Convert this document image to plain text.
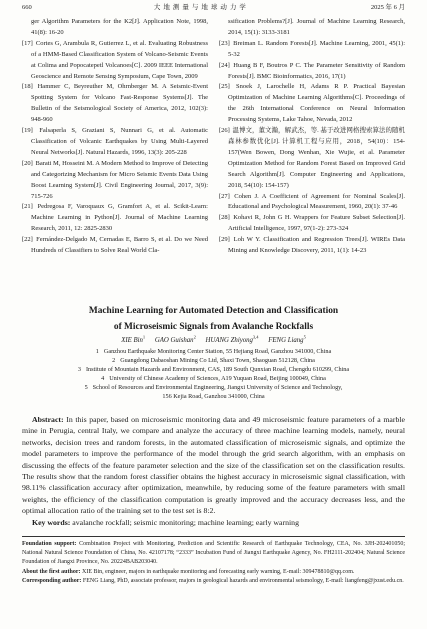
660	大地测量与地球动力学	2025 年 6 月

ger Algorithm Parameters for the K2[J]. Application Note, 1998, 41(8): 16-20

[17] Cortes G, Arambula R, Gutierrez L, et al. Evaluating Robustness of a HMM-Based Classification System of Volcano-Seismic Events at Colima and Popocatepetl Volcanoes[C]. 2009 IEEE International Geoscience and Remote Sensing Symposium, Cape Town, 2009

[18] Hammer C, Beyreuther M, Ohrnberger M. A Seismic-Event Spotting System for Volcano Fast-Response Systems[J]. The Bulletin of the Seismological Society of America, 2012, 102(3): 948-960

[19] Falsaperla S, Graziani S, Nunnari G, et al. Automatic Classification of Volcanic Earthquakes by Using Multi-Layered Neural Networks[J]. Natural Hazards, 1996, 13(3): 205-228

[20] Barati M, Hosseini M. A Modern Method to Improve of Detecting and Categorizing Mechanism for Micro Seismic Events Data Using Boost Learning System[J]. Civil Engineering Journal, 2017, 3(9): 715-726

[21] Pedregosa F, Varoquaux G, Gramfort A, et al. Scikit-Learn: Machine Learning in Python[J]. Journal of Machine Learning Research, 2011, 12: 2825-2830

[22] Fernández-Delgado M, Cernadas E, Barro S, et al. Do we Need Hundreds of Classifiers to Solve Real World Cla-

ssification Problems?[J]. Journal of Machine Learning Research, 2014, 15(1): 3133-3181

[23] Breiman L. Random Forests[J]. Machine Learning, 2001, 45(1): 5-32

[24] Huang B F, Boutros P C. The Parameter Sensitivity of Random Forests[J]. BMC Bioinformatics, 2016, 17(1)

[25] Snoek J, Larochelle H, Adams R P. Practical Bayesian Optimization of Machine Learning Algorithms[C]. Proceedings of the 26th International Conference on Neural Information Processing Systems, Lake Tahoe, Nevada, 2012

[26] 温博文，董文瀚，解武杰，等. 基于改进网格搜索算法的随机森林参数优化[J]. 计算机工程与应用，2018，54(10)：154-157(Wen Bowen, Dong Wenhan, Xie Wujie, et al. Parameter Optimization Method for Random Forest Based on Improved Grid Search Algorithm[J]. Computer Engineering and Applications, 2018, 54(10): 154-157)

[27] Cohen J. A Coefficient of Agreement for Nominal Scales[J]. Educational and Psychological Measurement, 1960, 20(1): 37-46

[28] Kohavi R, John G H. Wrappers for Feature Subset Selection[J]. Artificial Intelligence, 1997, 97(1-2): 273-324

[29] Loh W Y. Classification and Regression Trees[J]. WIREs Data Mining and Knowledge Discovery, 2011, 1(1): 14-23

Machine Learning for Automated Detection and Classification
of Microseismic Signals from Avalanche Rockfalls
XIE Bin$^1$ GAO Guishan$^2$ HUANG Zhiyong$^{3,4}$ FENG Liang$^5$
1 Ganzhou Earthquake Monitoring Center Station, 55 Hejiang Road, Ganzhou 341000, China
2 Guangdong Dabaoshan Mining Co Ltd, Shaxi Town, Shaoguan 512128, China
3 Institute of Mountain Hazards and Environment, CAS, 189 South Qunxian Road, Chengdu 610299, China
4 University of Chinese Academy of Sciences, A19 Yuquan Road, Beijing 100049, China
5 School of Resources and Environmental Engineering, Jiangxi University of Science and Technology,
156 Kejia Road, Ganzhou 341000, China

Abstract: In this paper, based on microseismic monitoring data and 49 microseismic feature parameters of a marble mine in Perugia, central Italy, we compare and analyze the accuracy of three machine learning models, namely, neural networks, decision trees and random forests, in the automated classification of microseismic signals, and optimize the model parameters to improve the performance of the model through the grid search algorithm, with an emphasis on discussing the effects of the feature parameter selection and the size of the classification set on the classification results. The results show that the random forest classifier obtains the highest accuracy in microseismic signal classification, with 98.11% classification accuracy after optimization, meanwhile, by reducing some of the feature parameters with small weights, the efficiency of the classification computation is greatly improved and the accuracy decreases less, and the optimal allocation ratio of the training set to the test set is 8:2.

Key words: avalanche rockfall; seismic monitoring; machine learning; early warning

Foundation support: Combination Project with Monitoring, Prediction and Scientific Research of Earthquake Technology, CEA, No. 3JH-202401050; National Natural Science Foundation of China, No. 42107178; “2333” Incubation Fund of Jiangxi Earthquake Agency, No. FH2111-202404; Natural Science Foundation of Jiangxi Province, No. 20224BAB203040.

About the first author: XIE Bin, engineer, majors in earthquake monitoring and forecasting early warning, E-mail: 309478810@qq.com.

Corresponding author: FENG Liang, PhD, associate professor, majors in geological hazards and environmental seismology, E-mail: liangfeng@jxust.edu.cn.
